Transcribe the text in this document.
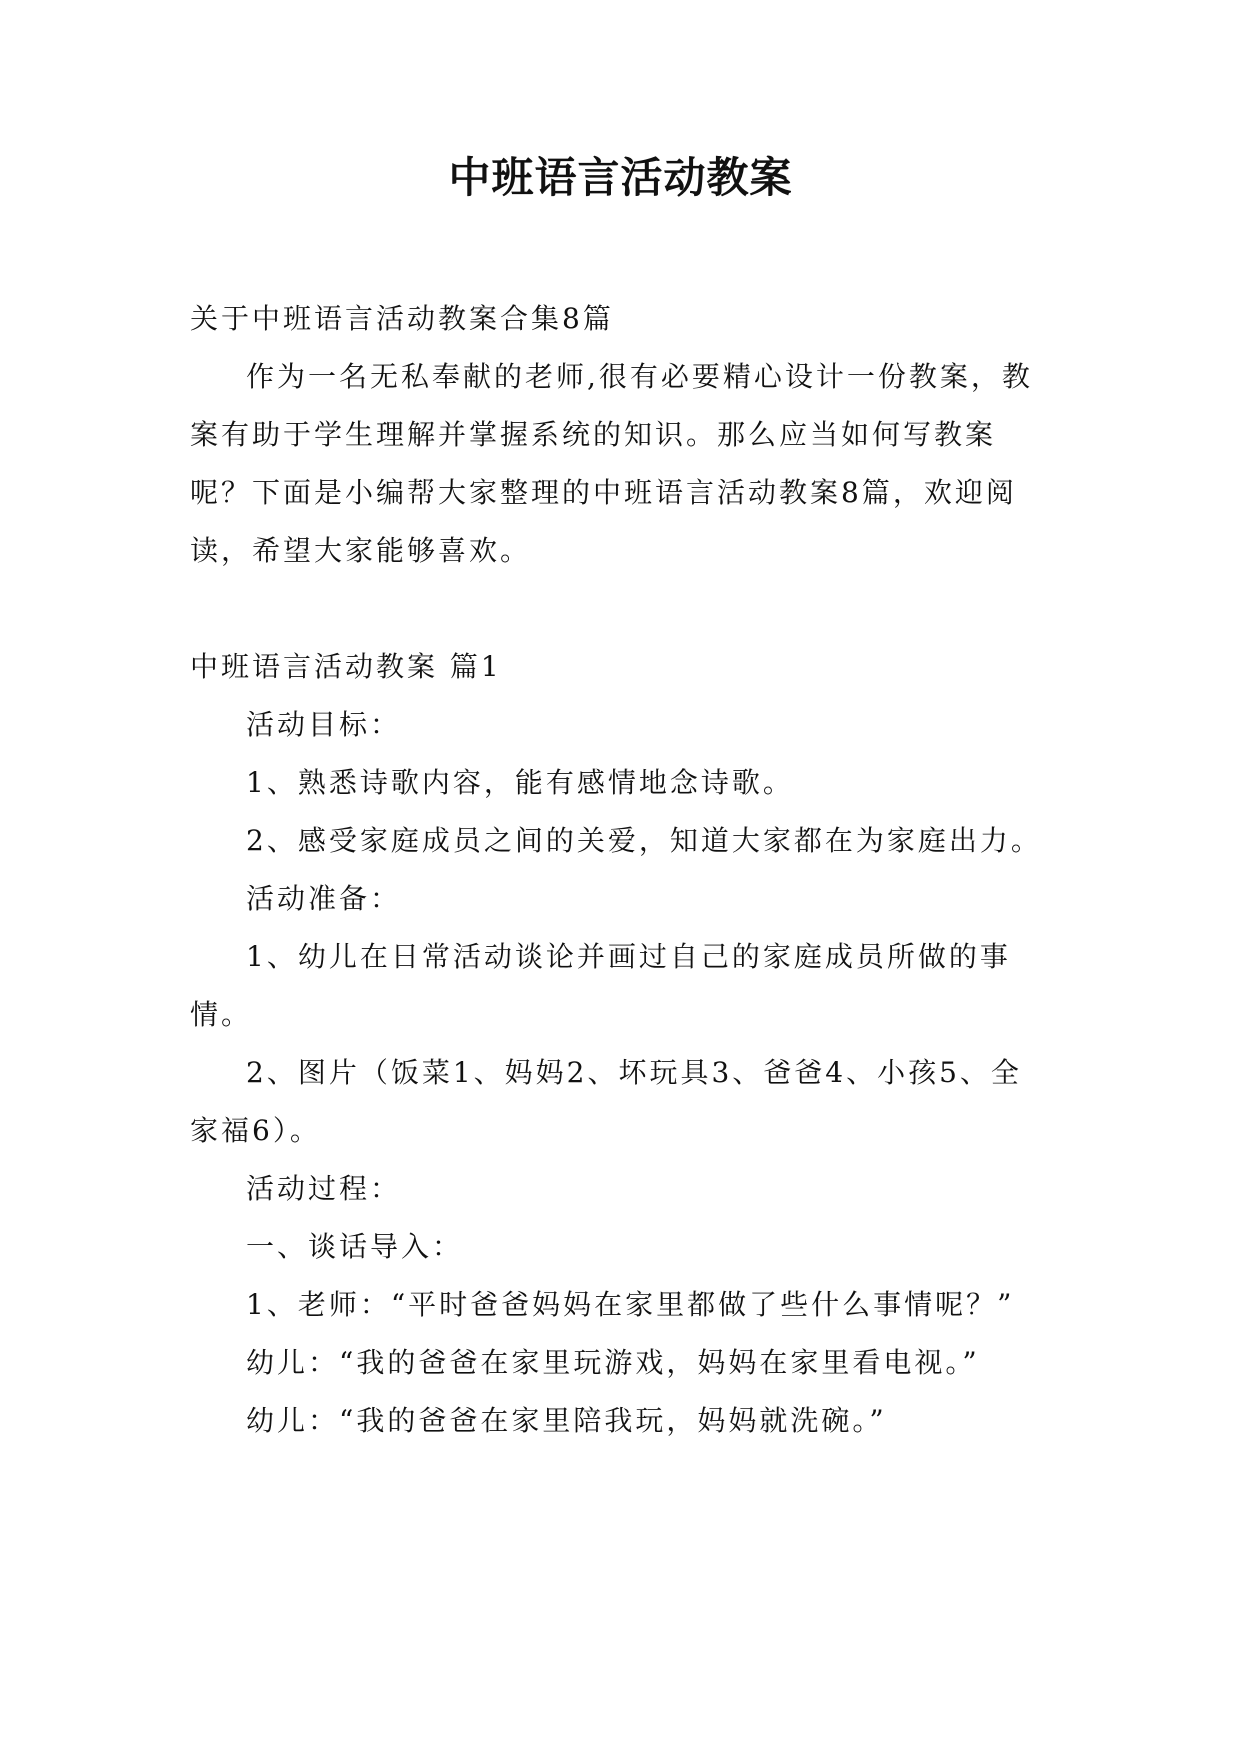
中班语言活动教案

关于中班语言活动教案合集8篇

作为一名无私奉献的老师,很有必要精心设计一份教案，教案有助于学生理解并掌握系统的知识。那么应当如何写教案呢？下面是小编帮大家整理的中班语言活动教案8篇，欢迎阅读，希望大家能够喜欢。

中班语言活动教案 篇1

活动目标：

1、熟悉诗歌内容，能有感情地念诗歌。

2、感受家庭成员之间的关爱，知道大家都在为家庭出力。

活动准备：

1、幼儿在日常活动谈论并画过自己的家庭成员所做的事情。

2、图片（饭菜1、妈妈2、坏玩具3、爸爸4、小孩5、全家福6）。

活动过程：

一、谈话导入：

1、老师：“平时爸爸妈妈在家里都做了些什么事情呢？”

幼儿：“我的爸爸在家里玩游戏，妈妈在家里看电视。”

幼儿：“我的爸爸在家里陪我玩，妈妈就洗碗。”
